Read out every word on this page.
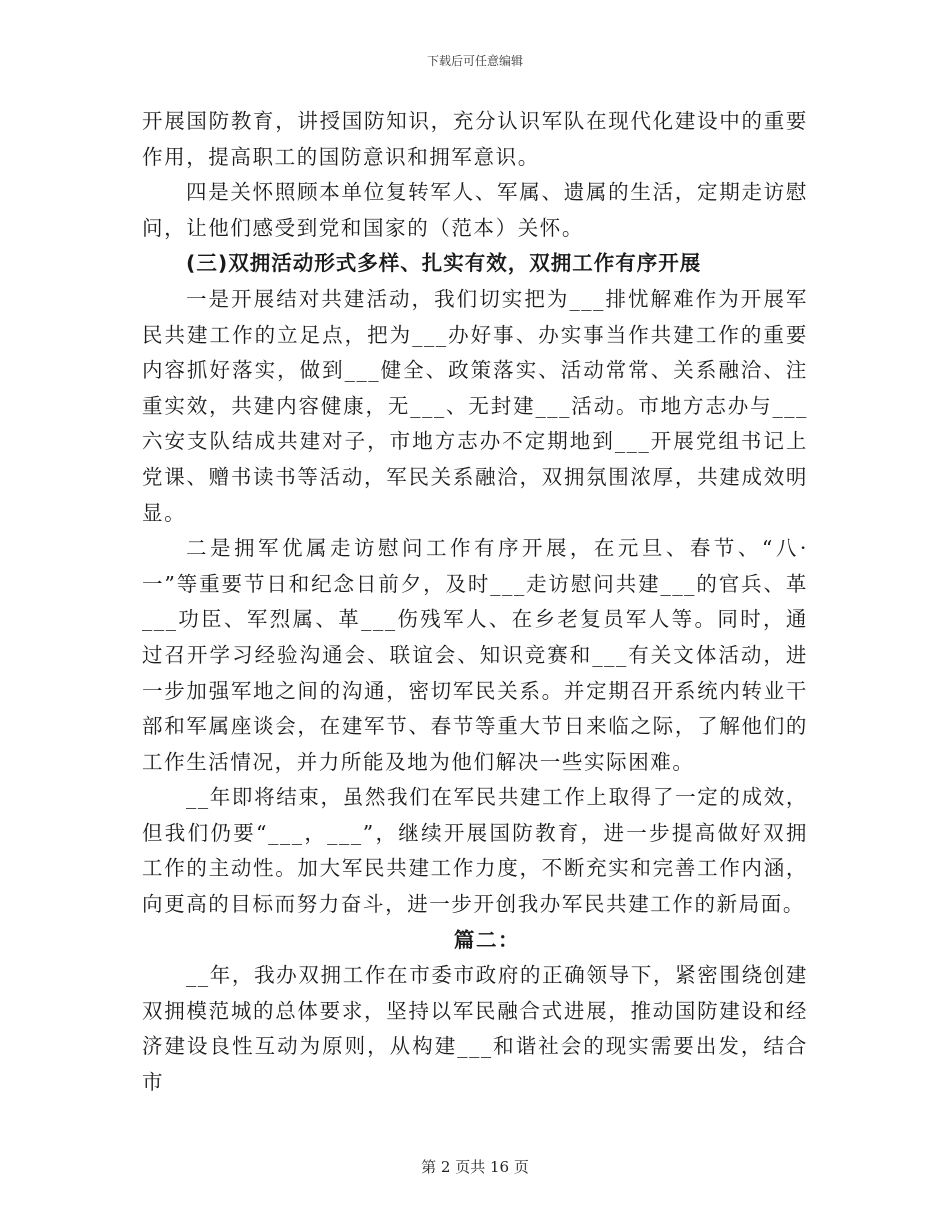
下载后可任意编辑

开展国防教育，讲授国防知识，充分认识军队在现代化建设中的重要作用，提高职工的国防意识和拥军意识。

四是关怀照顾本单位复转军人、军属、遗属的生活，定期走访慰问，让他们感受到党和国家的（范本）关怀。

(三)双拥活动形式多样、扎实有效，双拥工作有序开展

一是开展结对共建活动，我们切实把为___排忧解难作为开展军民共建工作的立足点，把为___办好事、办实事当作共建工作的重要内容抓好落实，做到___健全、政策落实、活动常常、关系融洽、注重实效，共建内容健康，无___、无封建___活动。市地方志办与___六安支队结成共建对子，市地方志办不定期地到___开展党组书记上党课、赠书读书等活动，军民关系融洽，双拥氛围浓厚，共建成效明显。

二是拥军优属走访慰问工作有序开展，在元旦、春节、“八·一”等重要节日和纪念日前夕，及时___走访慰问共建___的官兵、革___功臣、军烈属、革___伤残军人、在乡老复员军人等。同时，通过召开学习经验沟通会、联谊会、知识竞赛和___有关文体活动，进一步加强军地之间的沟通，密切军民关系。并定期召开系统内转业干部和军属座谈会，在建军节、春节等重大节日来临之际，了解他们的工作生活情况，并力所能及地为他们解决一些实际困难。

__年即将结束，虽然我们在军民共建工作上取得了一定的成效，但我们仍要“___，___”，继续开展国防教育，进一步提高做好双拥工作的主动性。加大军民共建工作力度，不断充实和完善工作内涵，向更高的目标而努力奋斗，进一步开创我办军民共建工作的新局面。

篇二：

__年，我办双拥工作在市委市政府的正确领导下，紧密围绕创建双拥模范城的总体要求，坚持以军民融合式进展，推动国防建设和经济建设良性互动为原则，从构建___和谐社会的现实需要出发，结合市

第 2 页共 16 页
